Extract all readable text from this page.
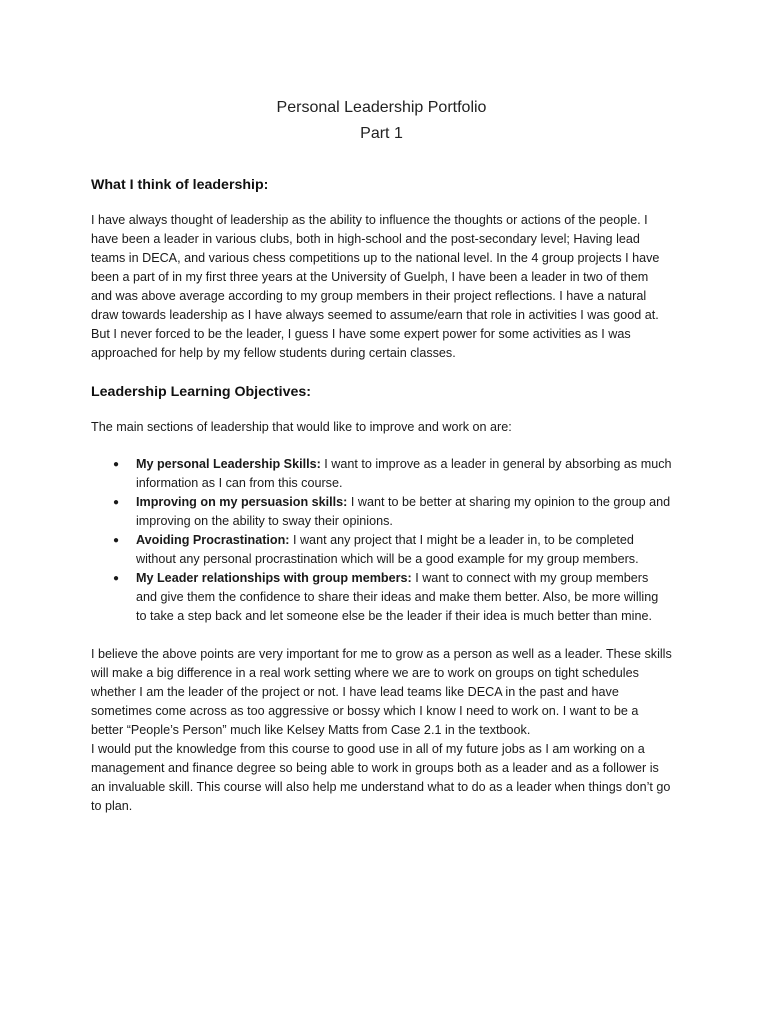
Personal Leadership Portfolio
Part 1
What I think of leadership:

I have always thought of leadership as the ability to influence the thoughts or actions of the people. I have been a leader in various clubs, both in high-school and the post-secondary level; Having lead teams in DECA, and various chess competitions up to the national level. In the 4 group projects I have been a part of in my first three years at the University of Guelph, I have been a leader in two of them and was above average according to my group members in their project reflections. I have a natural draw towards leadership as I have always seemed to assume/earn that role in activities I was good at. But I never forced to be the leader, I guess I have some expert power for some activities as I was approached for help by my fellow students during certain classes.

Leadership Learning Objectives:

The main sections of leadership that would like to improve and work on are:

● My personal Leadership Skills: I want to improve as a leader in general by absorbing as much information as I can from this course.
● Improving on my persuasion skills: I want to be better at sharing my opinion to the group and improving on the ability to sway their opinions.
● Avoiding Procrastination: I want any project that I might be a leader in, to be completed without any personal procrastination which will be a good example for my group members.
● My Leader relationships with group members: I want to connect with my group members and give them the confidence to share their ideas and make them better. Also, be more willing to take a step back and let someone else be the leader if their idea is much better than mine.

I believe the above points are very important for me to grow as a person as well as a leader. These skills will make a big difference in a real work setting where we are to work on groups on tight schedules whether I am the leader of the project or not. I have lead teams like DECA in the past and have sometimes come across as too aggressive or bossy which I know I need to work on. I want to be a better “People’s Person” much like Kelsey Matts from Case 2.1 in the textbook.

I would put the knowledge from this course to good use in all of my future jobs as I am working on a management and finance degree so being able to work in groups both as a leader and as a follower is an invaluable skill. This course will also help me understand what to do as a leader when things don’t go to plan.
